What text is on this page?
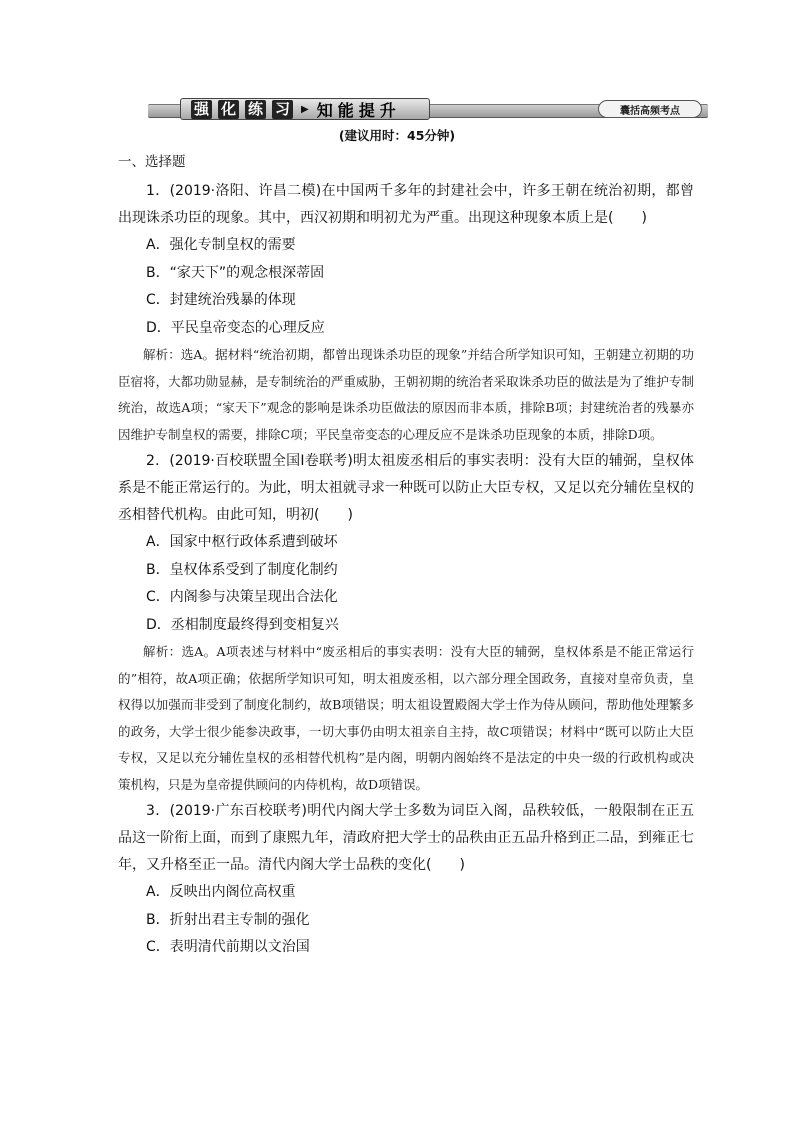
强 化 练 习	▶ 知能提升	囊括高频考点
(建议用时：45分钟)
一、选择题

1．(2019·洛阳、许昌二模)在中国两千多年的封建社会中，许多王朝在统治初期，都曾出现诛杀功臣的现象。其中，西汉初期和明初尤为严重。出现这种现象本质上是(　　)

A．强化专制皇权的需要
B．“家天下”的观念根深蒂固
C．封建统治残暴的体现
D．平民皇帝变态的心理反应

解析：选A。据材料“统治初期，都曾出现诛杀功臣的现象”并结合所学知识可知，王朝建立初期的功臣宿将，大都功勋显赫，是专制统治的严重威胁，王朝初期的统治者采取诛杀功臣的做法是为了维护专制统治，故选A项；“家天下”观念的影响是诛杀功臣做法的原因而非本质，排除B项；封建统治者的残暴亦因维护专制皇权的需要，排除C项；平民皇帝变态的心理反应不是诛杀功臣现象的本质，排除D项。

2．(2019·百校联盟全国Ⅰ卷联考)明太祖废丞相后的事实表明：没有大臣的辅弼，皇权体系是不能正常运行的。为此，明太祖就寻求一种既可以防止大臣专权，又足以充分辅佐皇权的丞相替代机构。由此可知，明初(　　)

A．国家中枢行政体系遭到破坏
B．皇权体系受到了制度化制约
C．内阁参与决策呈现出合法化
D．丞相制度最终得到变相复兴

解析：选A。A项表述与材料中“废丞相后的事实表明：没有大臣的辅弼，皇权体系是不能正常运行的”相符，故A项正确；依据所学知识可知，明太祖废丞相，以六部分理全国政务，直接对皇帝负责，皇权得以加强而非受到了制度化制约，故B项错误；明太祖设置殿阁大学士作为侍从顾问，帮助他处理繁多的政务，大学士很少能参决政事，一切大事仍由明太祖亲自主持，故C项错误；材料中“既可以防止大臣专权，又足以充分辅佐皇权的丞相替代机构”是内阁，明朝内阁始终不是法定的中央一级的行政机构或决策机构，只是为皇帝提供顾问的内侍机构，故D项错误。

3．(2019·广东百校联考)明代内阁大学士多数为词臣入阁，品秩较低，一般限制在正五品这一阶衔上面，而到了康熙九年，清政府把大学士的品秩由正五品升格到正二品，到雍正七年，又升格至正一品。清代内阁大学士品秩的变化(　　)

A．反映出内阁位高权重
B．折射出君主专制的强化
C．表明清代前期以文治国
